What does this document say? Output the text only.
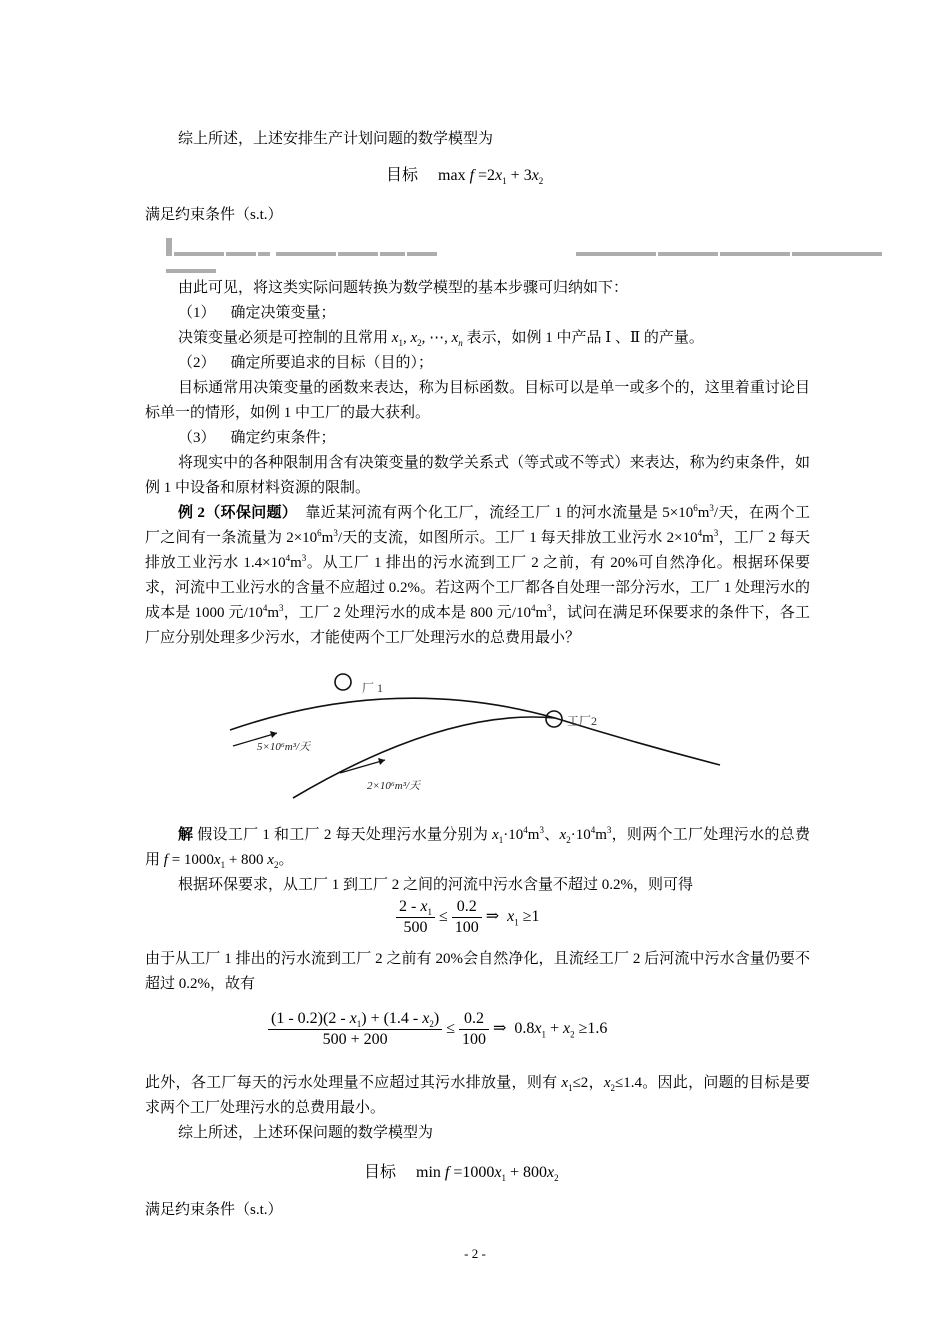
综上所述，上述安排生产计划问题的数学模型为
目标 $\max f =2x_1 + 3x_2$
满足约束条件（s.t.）

由此可见，将这类实际问题转换为数学模型的基本步骤可归纳如下：
（1） 确定决策变量；
决策变量必须是可控制的且常用 $x_1$, $x_2$, ⋯, $x_n$ 表示，如例 1 中产品 Ⅰ 、Ⅱ 的产量。
（2） 确定所要追求的目标（目的）；
目标通常用决策变量的函数来表达，称为目标函数。目标可以是单一或多个的，这里着重讨论目标单一的情形，如例 1 中工厂的最大获利。
（3） 确定约束条件；
将现实中的各种限制用含有决策变量的数学关系式（等式或不等式）来表达，称为约束条件，如例 1 中设备和原材料资源的限制。
例 2（环保问题） 靠近某河流有两个化工厂，流经工厂 1 的河水流量是 $5\times 10^6m^3/$天，在两个工厂之间有一条流量为 $2\times 10^6m^3/$天的支流，如图所示。工厂 1 每天排放工业污水 $2\times 10^4m^3$，工厂 2 每天排放工业污水 $1.4\times 10^4m^3$。从工厂 1 排出的污水流到工厂 2 之前，有 20%可自然净化。根据环保要求，河流中工业污水的含量不应超过 0.2%。若这两个工厂都各自处理一部分污水，工厂 1 处理污水的成本是 1000 元$/10^4m^3$，工厂 2 处理污水的成本是 800 元$/10^4m^3$，试问在满足环保要求的条件下，各工厂应分别处理多少污水，才能使两个工厂处理污水的总费用最小？
厂 1
工厂2
5×10⁶m³/天
2×10⁶m³/天
解 假设工厂 1 和工厂 2 每天处理污水量分别为 $x_1\cdot 10^4m^3$、$x_2\cdot 10^4m^3$，则两个工厂处理污水的总费用 $f = 1000x_1 + 800$ $x_2$。
根据环保要求，从工厂 1 到工厂 2 之间的河流中污水含量不超过 0.2%，则可得
$\frac{2 - x_1}{500} \le \frac{0.2}{100}$ ⇒ $x_1 \ge 1$
由于从工厂 1 排出的污水流到工厂 2 之前有 20%会自然净化，且流经工厂 2 后河流中污水含量仍要不超过 0.2%，故有
$\frac{(1 - 0.2)(2 - x_1) + (1.4 - x_2)}{500 + 200} \le \frac{0.2}{100}$ ⇒ $0.8x_1 + x_2 \ge 1.6$
此外，各工厂每天的污水处理量不应超过其污水排放量，则有 $x_1\le 2$，$x_2\le 1.4$。因此，问题的目标是要求两个工厂处理污水的总费用最小。
综上所述，上述环保问题的数学模型为
目标 $\min f =1000x_1 + 800x_2$
满足约束条件（s.t.）
- 2 -
